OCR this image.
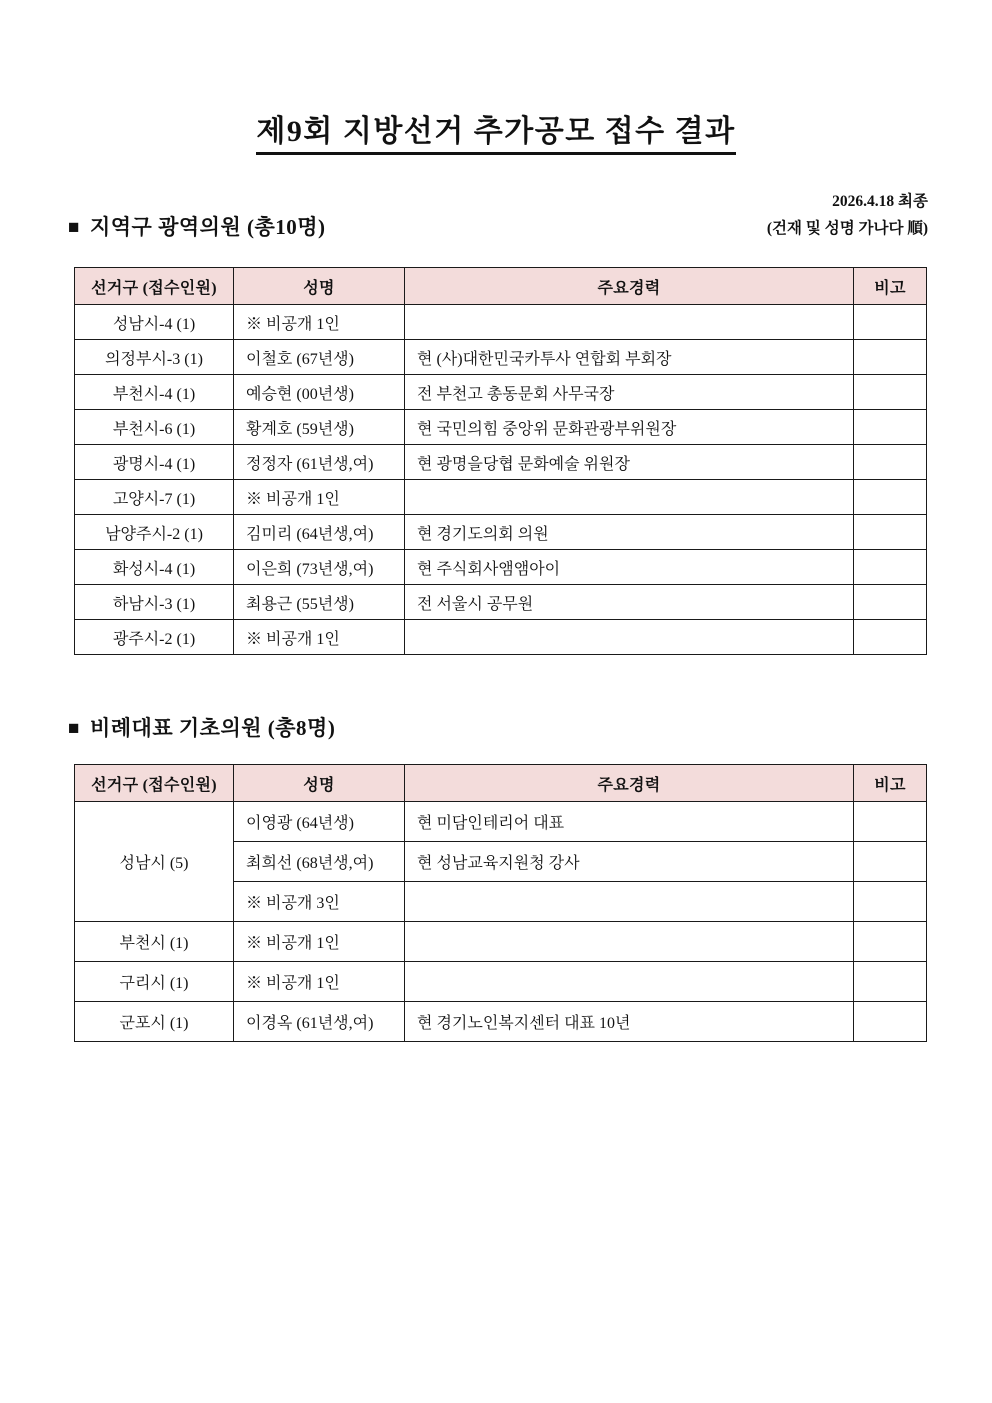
제9회 지방선거 추가공모 접수 결과
■ 지역구 광역의원 (총10명)
2026.4.18 최종
(건재 및 성명 가나다 順)
선거구 (접수인원)	성명	주요경력	비고
성남시-4 (1)	※ 비공개 1인		
의정부시-3 (1)	이철호 (67년생)	현 (사)대한민국카투사 연합회 부회장	
부천시-4 (1)	예승현 (00년생)	전 부천고 총동문회 사무국장	
부천시-6 (1)	황계호 (59년생)	현 국민의힘 중앙위 문화관광부위원장	
광명시-4 (1)	정정자 (61년생,여)	현 광명을당협 문화예술 위원장	
고양시-7 (1)	※ 비공개 1인		
남양주시-2 (1)	김미리 (64년생,여)	현 경기도의회 의원	
화성시-4 (1)	이은희 (73년생,여)	현 주식회사앰앰아이	
하남시-3 (1)	최용근 (55년생)	전 서울시 공무원	
광주시-2 (1)	※ 비공개 1인		
■ 비례대표 기초의원 (총8명)
선거구 (접수인원)	성명	주요경력	비고
성남시 (5)	이영광 (64년생)	현 미담인테리어 대표	
	최희선 (68년생,여)	현 성남교육지원청 강사	
	※ 비공개 3인		
부천시 (1)	※ 비공개 1인		
구리시 (1)	※ 비공개 1인		
군포시 (1)	이경옥 (61년생,여)	현 경기노인복지센터 대표 10년	
